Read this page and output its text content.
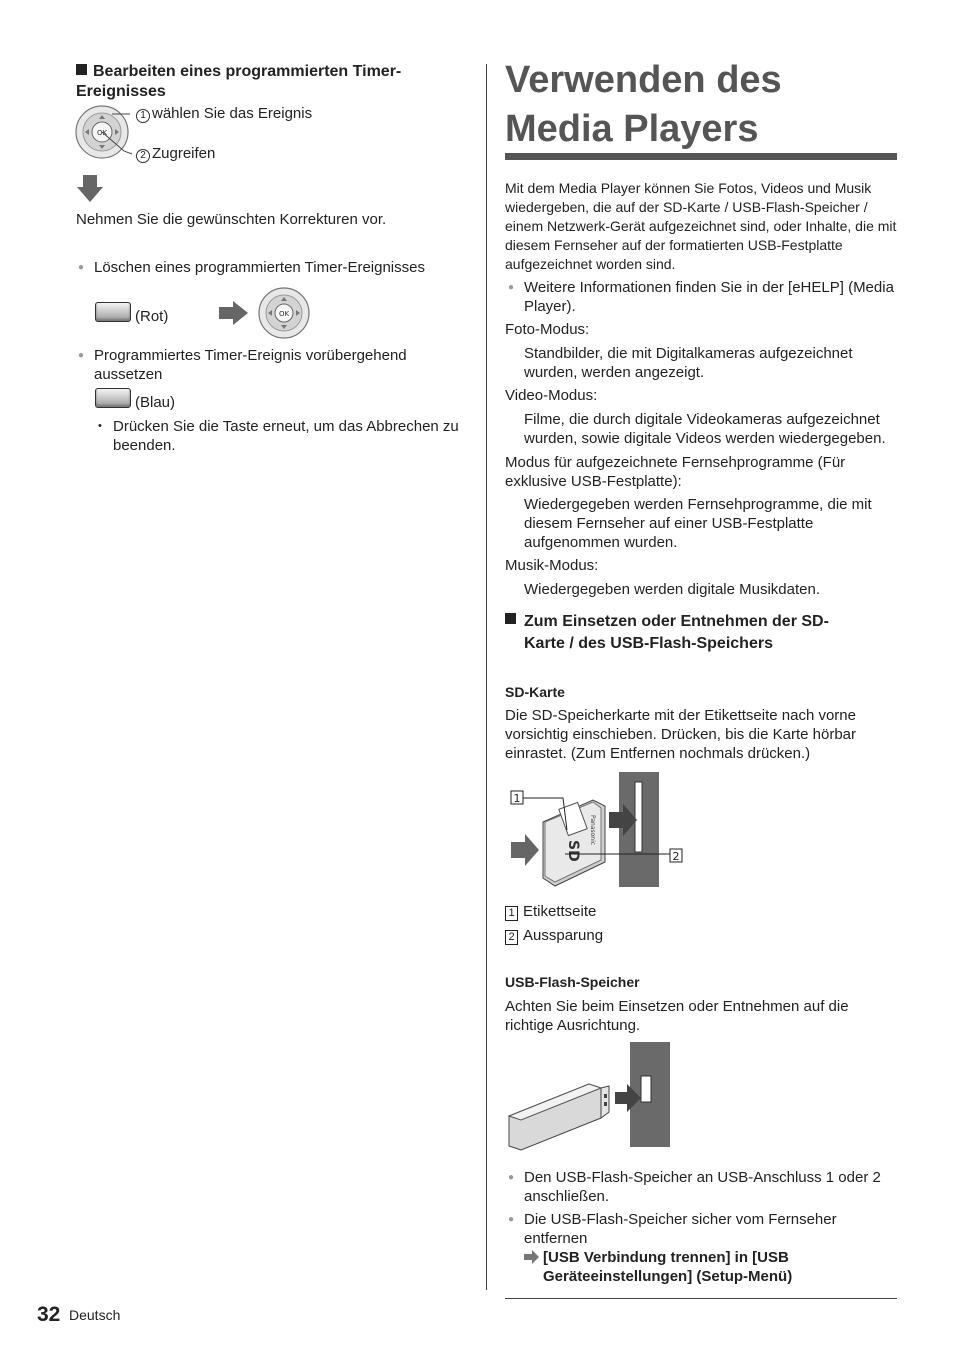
Bearbeiten eines programmierten Timer-Ereignisses
OK
1 wählen Sie das Ereignis
2 Zugreifen
Nehmen Sie die gewünschten Korrekturen vor.
● Löschen eines programmierten Timer-Ereignisses
(Rot)	OK
● Programmiertes Timer-Ereignis vorübergehend aussetzen
(Blau)
• Drücken Sie die Taste erneut, um das Abbrechen zu beenden.
Verwenden des Media Players
Mit dem Media Player können Sie Fotos, Videos und Musik wiedergeben, die auf der SD-Karte / USB-Flash-Speicher / einem Netzwerk-Gerät aufgezeichnet sind, oder Inhalte, die mit diesem Fernseher auf der formatierten USB-Festplatte aufgezeichnet worden sind.
● Weitere Informationen finden Sie in der [eHELP] (Media Player).
Foto-Modus:
Standbilder, die mit Digitalkameras aufgezeichnet wurden, werden angezeigt.
Video-Modus:
Filme, die durch digitale Videokameras aufgezeichnet wurden, sowie digitale Videos werden wiedergegeben.
Modus für aufgezeichnete Fernsehprogramme (Für exklusive USB-Festplatte):
Wiedergegeben werden Fernsehprogramme, die mit diesem Fernseher auf einer USB-Festplatte aufgenommen wurden.
Musik-Modus:
Wiedergegeben werden digitale Musikdaten.
Zum Einsetzen oder Entnehmen der SD-Karte / des USB-Flash-Speichers
SD-Karte
Die SD-Speicherkarte mit der Etikettseite nach vorne vorsichtig einschieben. Drücken, bis die Karte hörbar einrastet. (Zum Entfernen nochmals drücken.)
SD
Panasonic
1
2
1 Etikettseite
2 Aussparung
USB-Flash-Speicher
Achten Sie beim Einsetzen oder Entnehmen auf die richtige Ausrichtung.
● Den USB-Flash-Speicher an USB-Anschluss 1 oder 2 anschließen.
● Die USB-Flash-Speicher sicher vom Fernseher entfernen
[USB Verbindung trennen] in [USB Geräteeinstellungen] (Setup-Menü)
32 Deutsch
